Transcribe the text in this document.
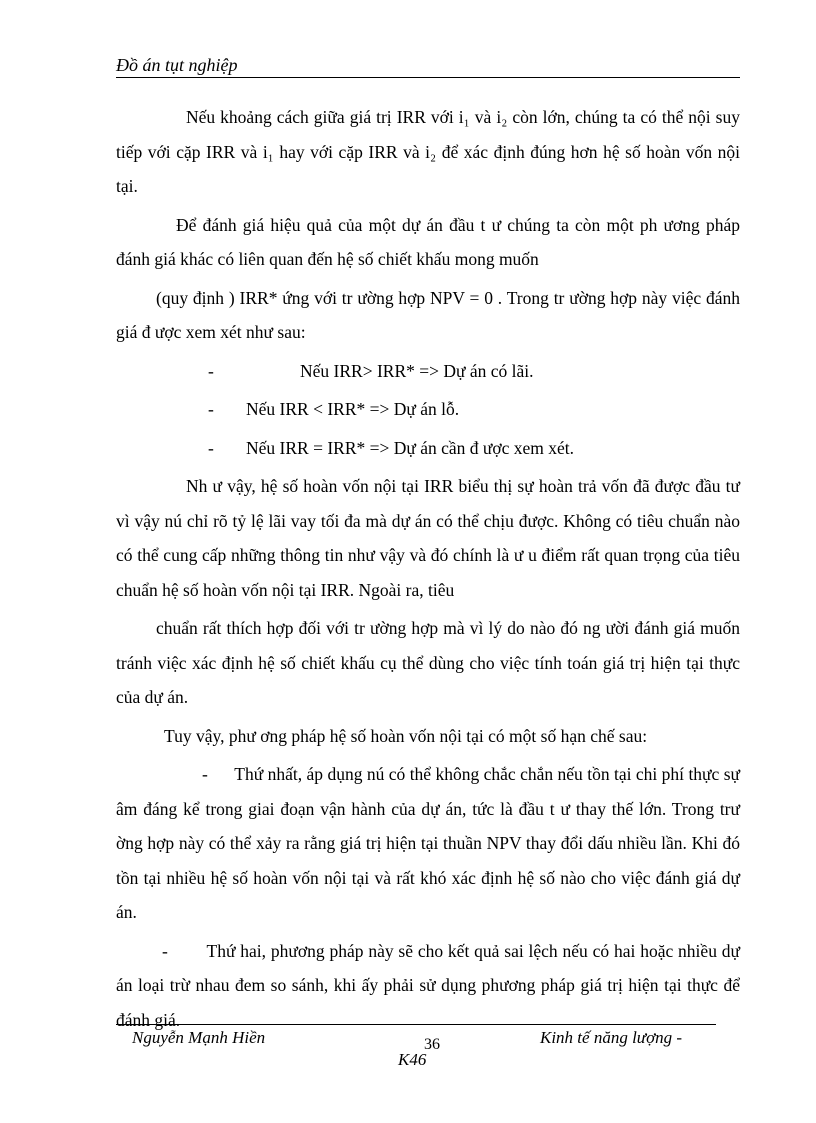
Đồ án tụt nghiệp

Nếu khoảng cách giữa giá trị IRR với i₁ và i₂ còn lớn, chúng ta có thể nội suy tiếp với cặp IRR và i₁ hay với cặp IRR và i₂ để xác định đúng hơn hệ số hoàn vốn nội tại.

Để đánh giá hiệu quả của một dự án đầu t ư chúng ta còn một ph ương pháp đánh giá khác có liên quan đến hệ số chiết khấu mong muốn

(quy định ) IRR* ứng với tr ường hợp NPV = 0 . Trong tr ường hợp này việc đánh giá đ ược xem xét như sau:

-	Nếu IRR> IRR* => Dự án có lãi.

- Nếu IRR < IRR* => Dự án lỗ.

- Nếu IRR = IRR* => Dự án cần đ ược xem xét.

Nh ư vậy, hệ số hoàn vốn nội tại IRR biểu thị sự hoàn trả vốn đã được đầu tư vì vậy nú chỉ rõ tỷ lệ lãi vay tối đa mà dự án có thể chịu được. Không có tiêu chuẩn nào có thể cung cấp những thông tin như vậy và đó chính là ư u điểm rất quan trọng của tiêu chuẩn hệ số hoàn vốn nội tại IRR. Ngoài ra, tiêu

chuẩn rất thích hợp đối với tr ường hợp mà vì lý do nào đó ng ười đánh giá muốn tránh việc xác định hệ số chiết khấu cụ thể dùng cho việc tính toán giá trị hiện tại thực của dự án.

Tuy vậy, phư ơng pháp hệ số hoàn vốn nội tại có một số hạn chế sau:

- Thứ nhất, áp dụng nú có thể không chắc chắn nếu tồn tại chi phí thực sự âm đáng kể trong giai đoạn vận hành của dự án, tức là đầu t ư thay thế lớn. Trong trư ờng hợp này có thể xảy ra rằng giá trị hiện tại thuần NPV thay đổi dấu nhiều lần. Khi đó tồn tại nhiều hệ số hoàn vốn nội tại và rất khó xác định hệ số nào cho việc đánh giá dự án.

- Thứ hai, phương pháp này sẽ cho kết quả sai lệch nếu có hai hoặc nhiều dự án loại trừ nhau đem so sánh, khi ấy phải sử dụng phương pháp giá trị hiện tại thực để đánh giá.

Nguyễn Mạnh Hiền	36	Kinh tế năng lượng -
K46
